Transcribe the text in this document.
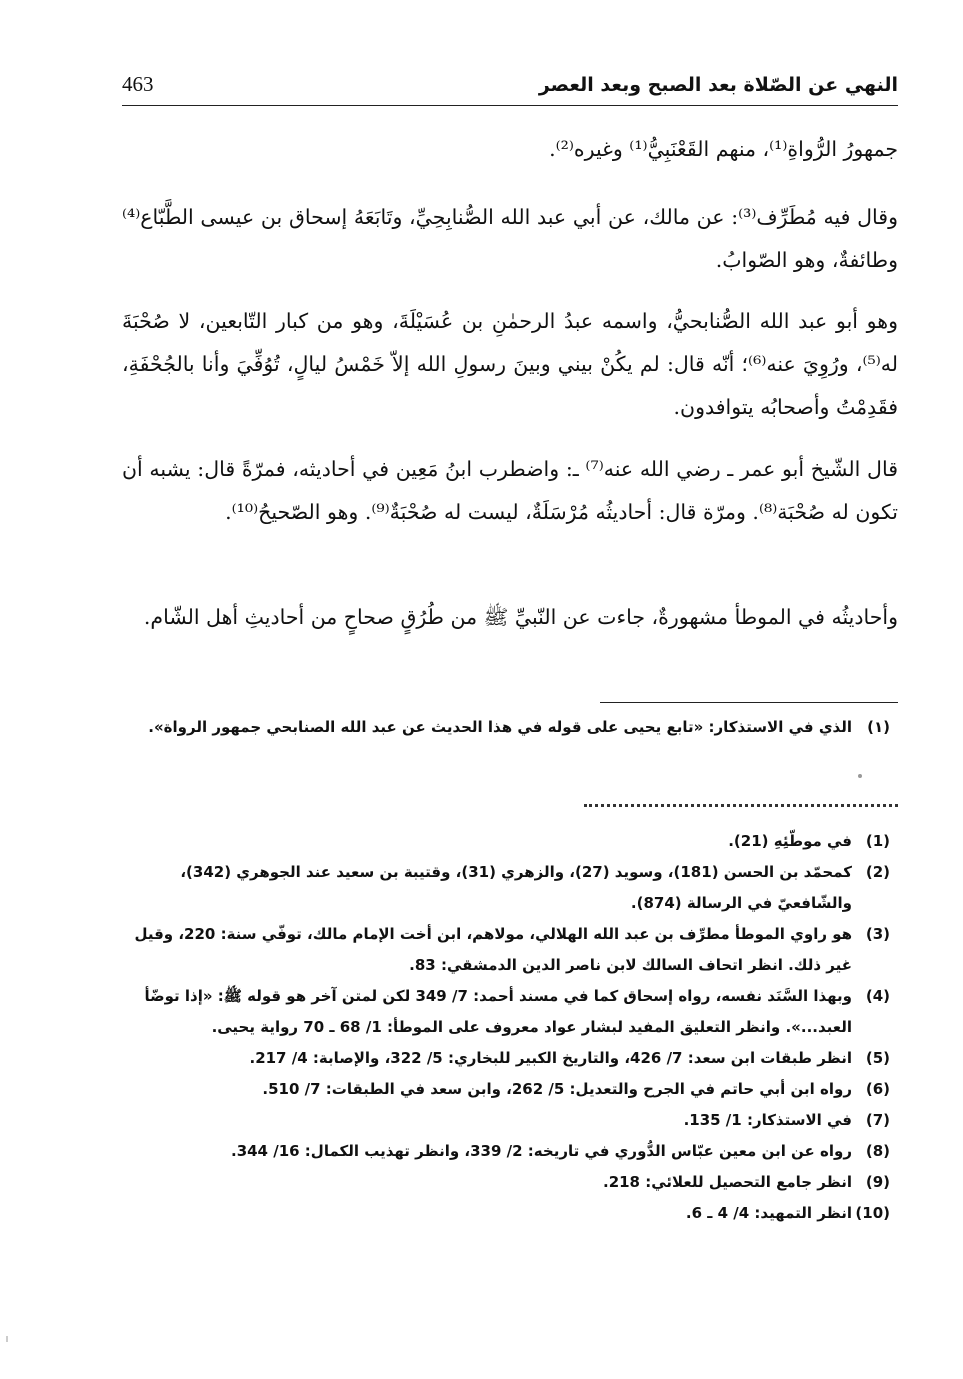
463	النهي عن الصّلاة بعد الصبح وبعد العصر

جمهورُ الرُّواةِ⁽¹⁾، منهم القَعْنَبِيُّ⁽¹⁾ وغيره⁽²⁾.

وقال فيه مُطَرِّف⁽³⁾: عن مالك، عن أبي عبد الله الصُّنابِحِيِّ، وتَابَعَهُ إسحاق بن عيسى الطَّبّاع⁽⁴⁾ وطائفةٌ، وهو الصّوابُ.

وهو أبو عبد الله الصُّنابحيُّ، واسمه عبدُ الرحمٰنِ بن عُسَيْلَةَ، وهو من كبار التّابعين، لا صُحْبَةَ له⁽⁵⁾، ورُوِيَ عنه⁽⁶⁾؛ أنّه قال: لم يكُنْ بيني وبينَ رسولِ الله إلاّ خَمْسُ ليالٍ، تُوُفِّيَ وأنا بالجُحْفَةِ، فقَدِمْتُ وأصحابُه يتوافدون.

قال الشّيخ أبو عمر ـ رضي الله عنه⁽⁷⁾ ـ: واضطرب ابنُ مَعِين في أحاديثه، فمرّةً قال: يشبه أن تكون له صُحْبَة⁽⁸⁾. ومرّة قال: أحاديثُه مُرْسَلَةٌ، ليست له صُحْبَةٌ⁽⁹⁾. وهو الصّحيحُ⁽¹⁰⁾.

وأحاديثُه في الموطأ مشهورةٌ، جاءت عن النّبيِّ ﷺ من طُرُقٍ صحاحٍ من أحاديثِ أهل الشّام.

(١)
الذي في الاستذكار: «تابع يحيى على قوله في هذا الحديث عن عبد الله الصنابحي جمهور الرواة».
(1)
في موطّئِهِ (21).
(2)
كمحمّد بن الحسن (181)، وسويد (27)، والزهري (31)، وقتيبة بن سعيد عند الجوهري (342)، والشّافعيّ في الرسالة (874).
(3)
هو راوي الموطأ مطرِّف بن عبد الله الهلالي، مولاهم، ابن أخت الإمام مالك، توفّي سنة: 220، وقيل غير ذلك. انظر اتحاف السالك لابن ناصر الدين الدمشقي: 83.
(4)
وبهذا السَّنَد نفسه، رواه إسحاق كما في مسند أحمد: 7/ 349 لكن لمتن آخر هو قوله ﷺ: «إذا توضّأ العبد...». وانظر التعليق المفيد لبشار عواد معروف على الموطأ: 1/ 68 ـ 70 رواية يحيى.
(5)
انظر طبقات ابن سعد: 7/ 426، والتاريخ الكبير للبخاري: 5/ 322، والإصابة: 4/ 217.
(6)
رواه ابن أبي حاتم في الجرح والتعديل: 5/ 262، وابن سعد في الطبقات: 7/ 510.
(7)
في الاستذكار: 1/ 135.
(8)
رواه عن ابن معين عبّاس الدُّوري في تاريخه: 2/ 339، وانظر تهذيب الكمال: 16/ 344.
(9)
انظر جامع التحصيل للعلائي: 218.
(10)
انظر التمهيد: 4/ 4 ـ 6.
